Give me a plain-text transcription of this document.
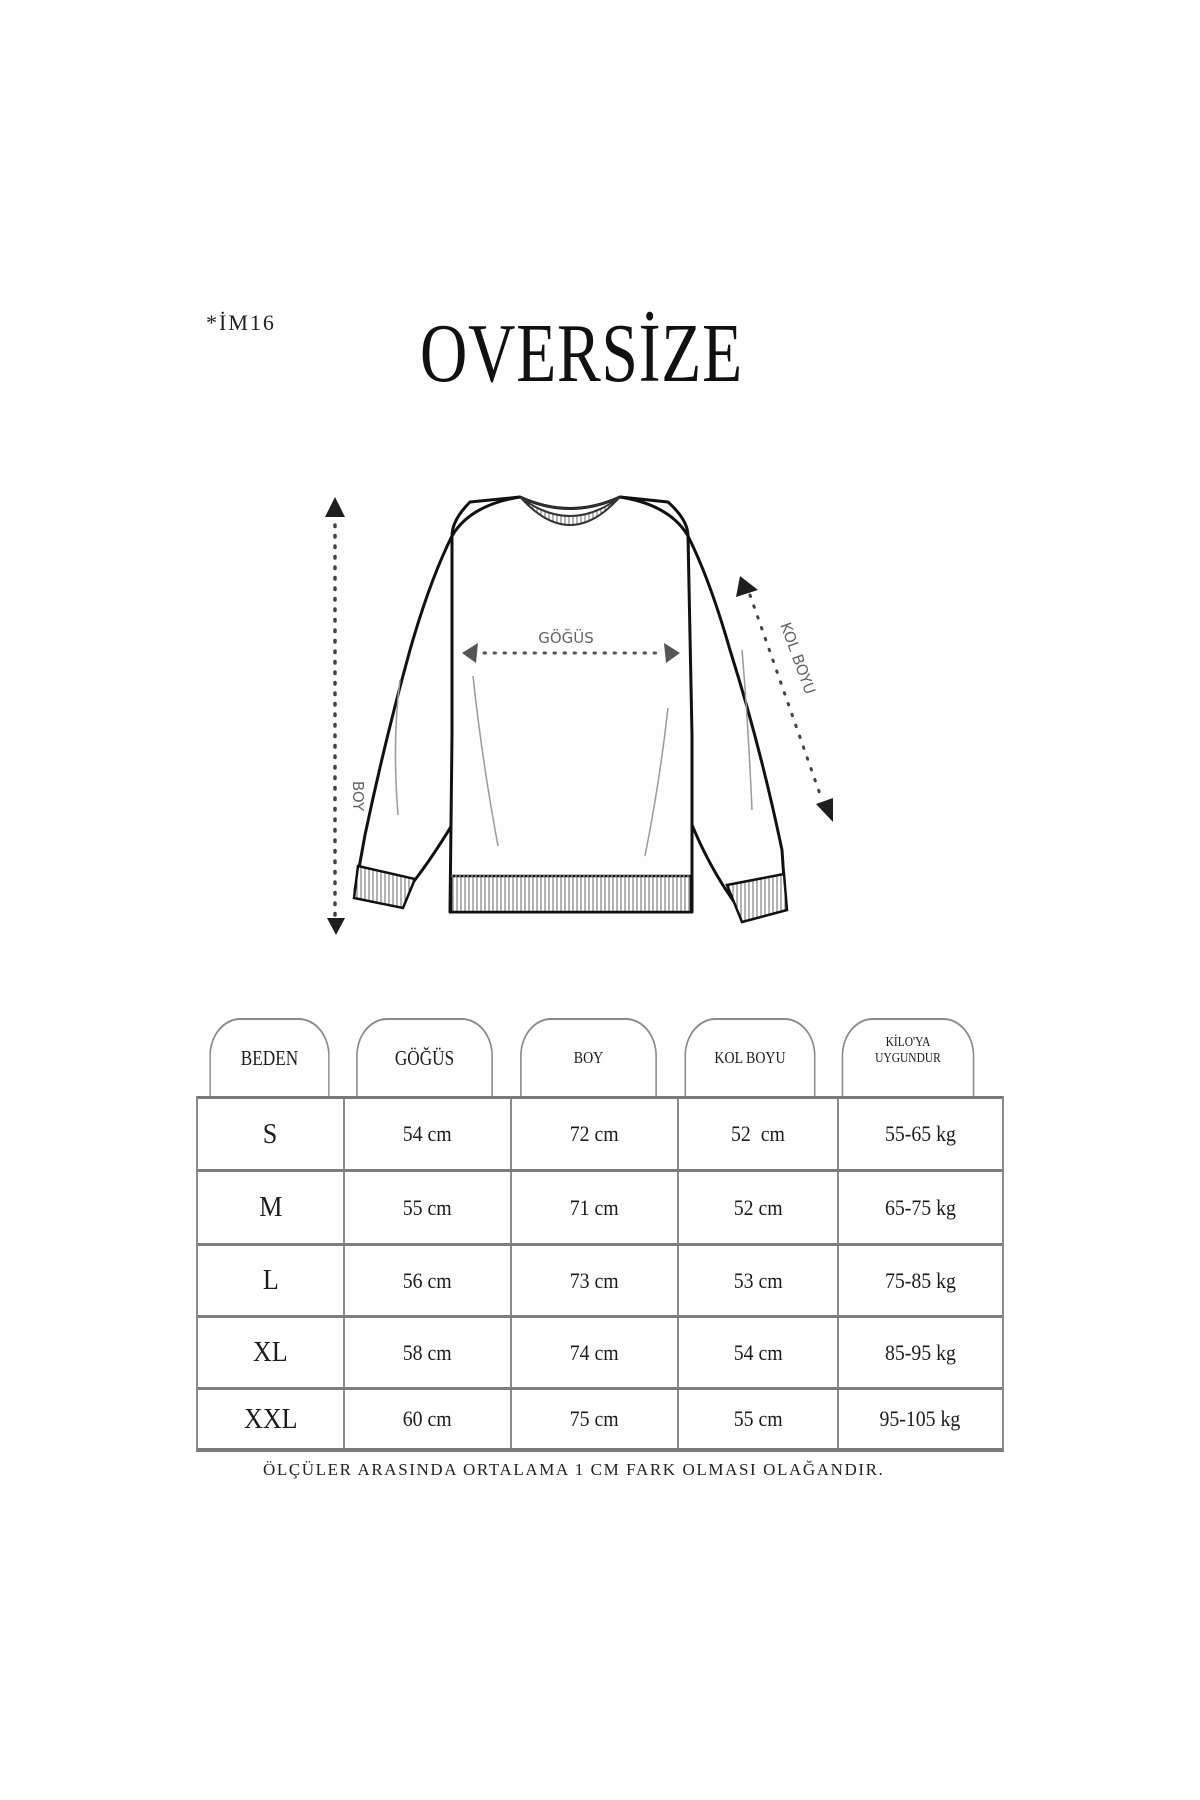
*İM16 OVERSİZE
BOY
GÖĞÜS	KOL BOYU
BEDEN	GÖĞÜS	BOY	KOL BOYU
KİLO'YA
UYGUNDUR
S	54 cm	72 cm	52  cm	55-65 kg
M	55 cm	71 cm	52 cm	65-75 kg
L	56 cm	73 cm	53 cm	75-85 kg
XL	58 cm	74 cm	54 cm	85-95 kg
XXL	60 cm	75 cm	55 cm	95-105 kg
ÖLÇÜLER ARASINDA ORTALAMA 1 CM FARK OLMASI OLAĞANDIR.
